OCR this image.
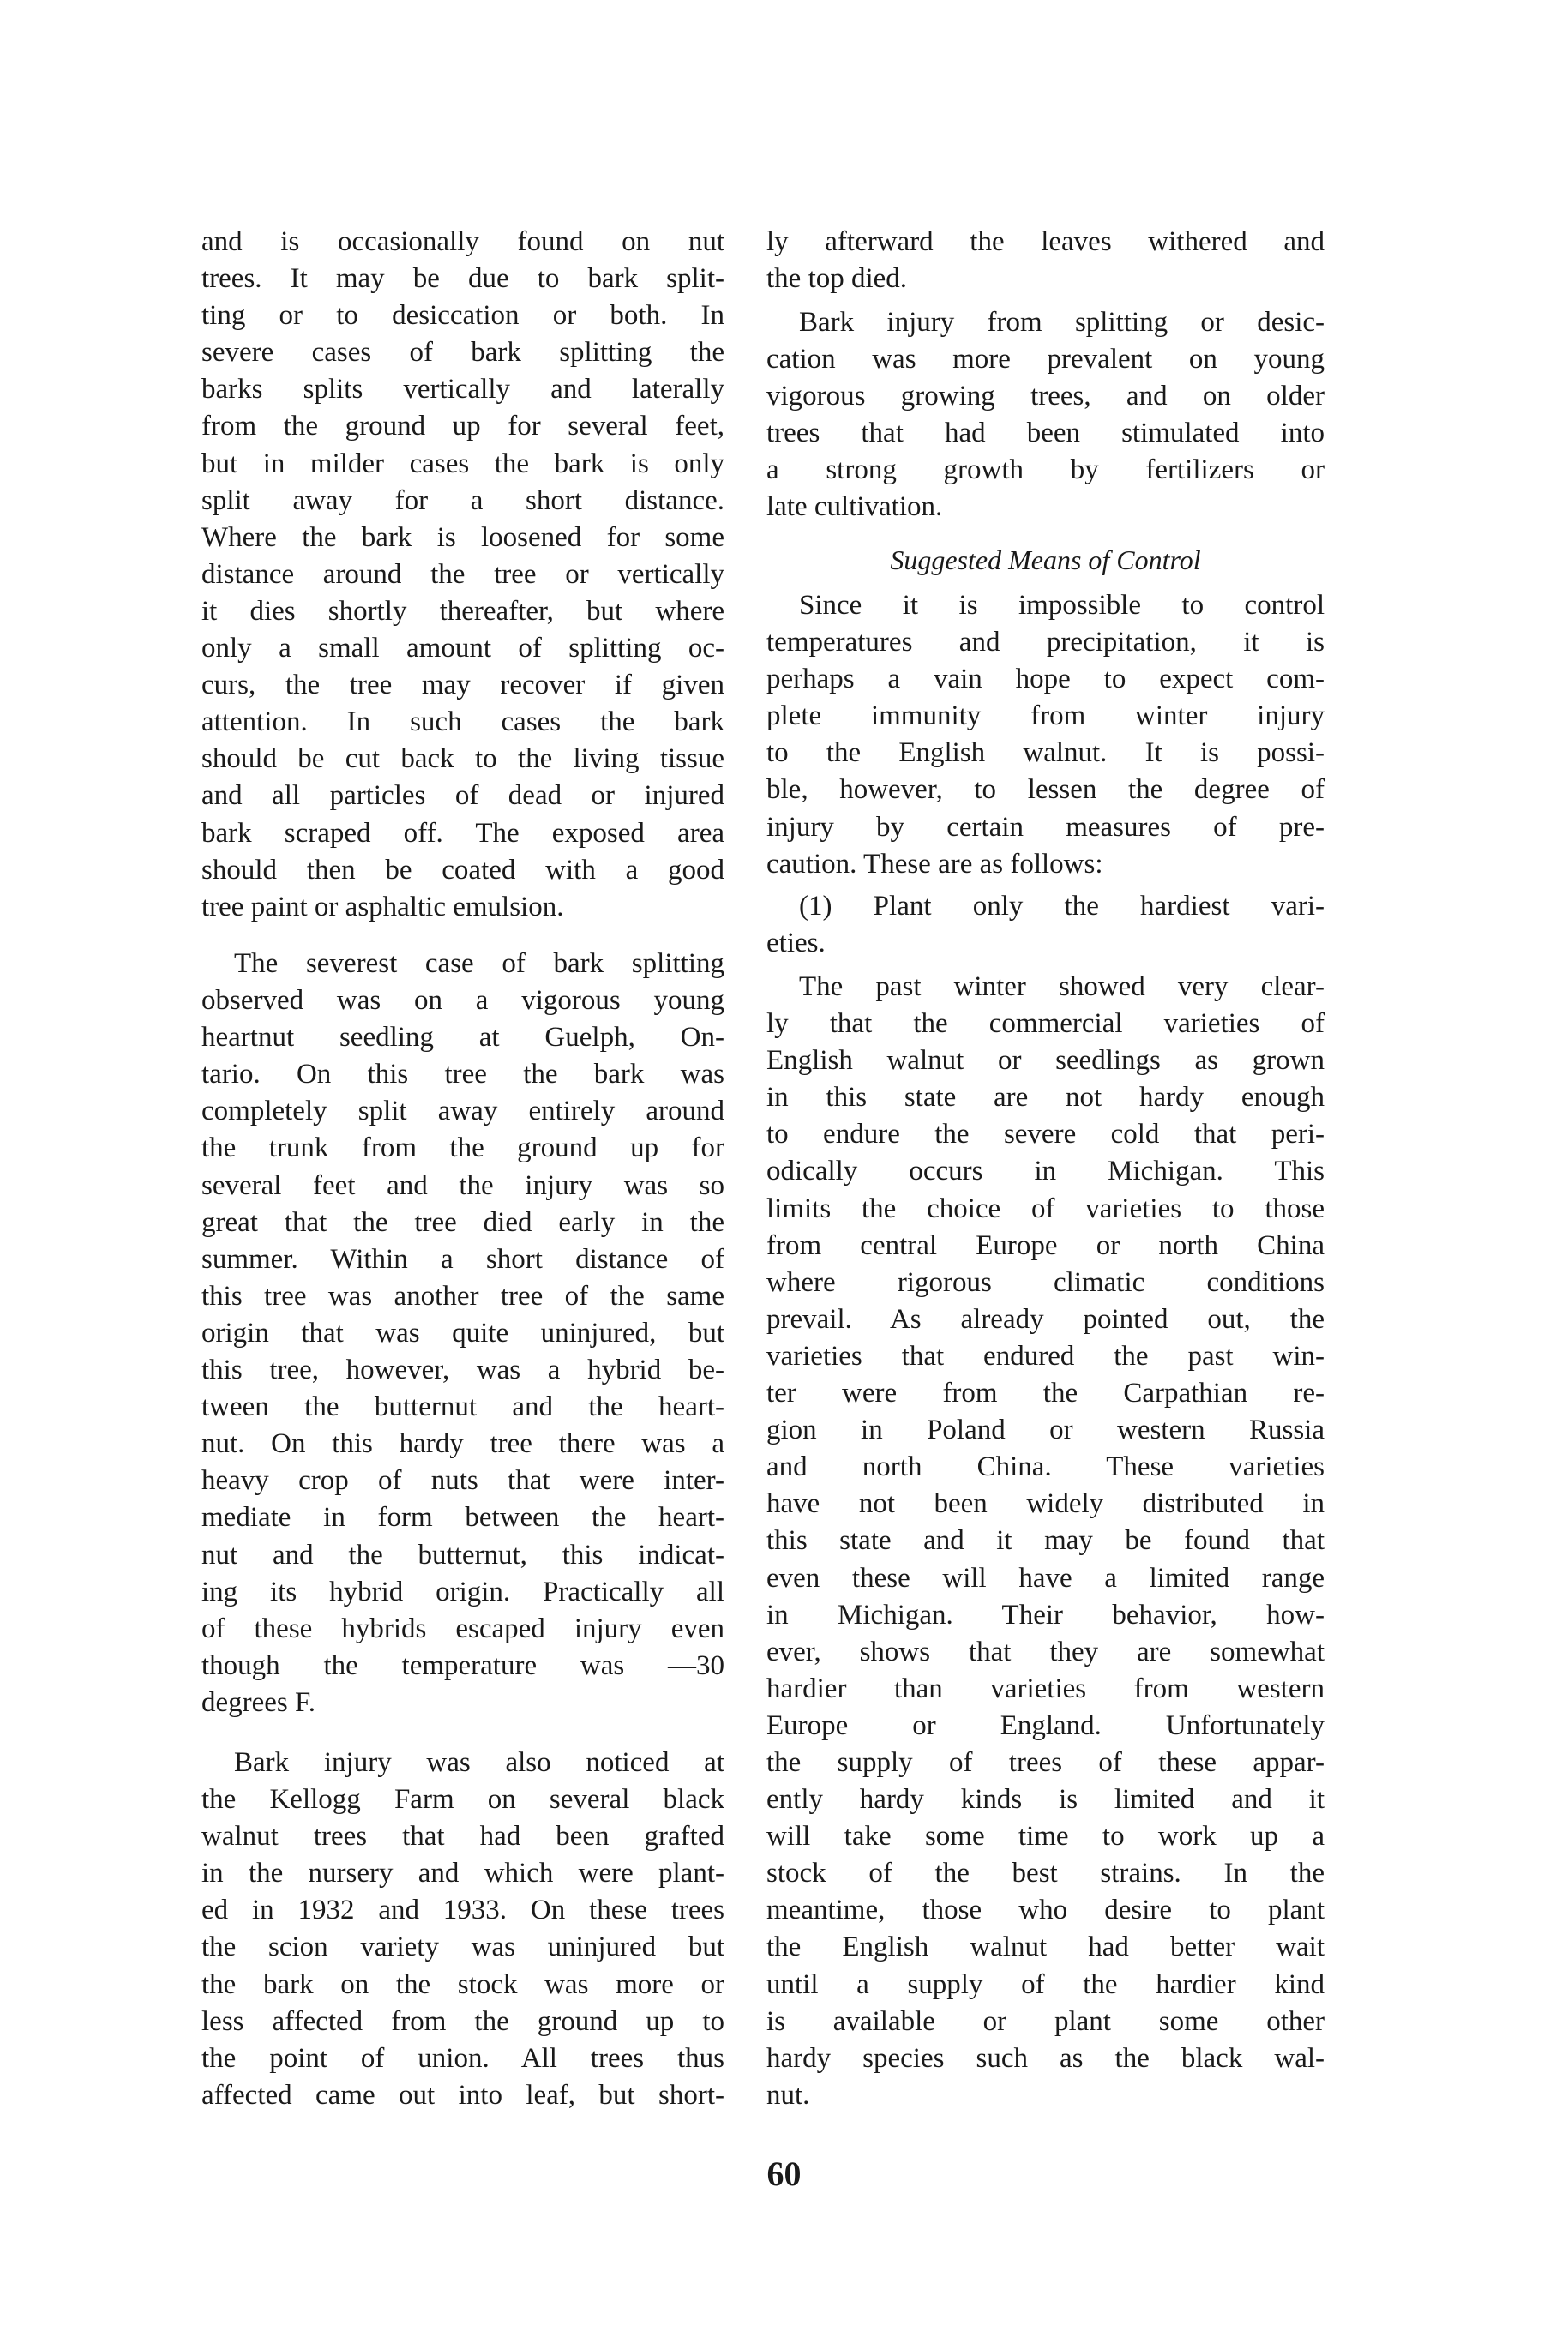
and is occasionally found on nut
trees. It may be due to bark split-
ting or to desiccation or both. In
severe cases of bark splitting the
barks splits vertically and laterally
from the ground up for several feet,
but in milder cases the bark is only
split away for a short distance.
Where the bark is loosened for some
distance around the tree or vertically
it dies shortly thereafter, but where
only a small amount of splitting oc-
curs, the tree may recover if given
attention. In such cases the bark
should be cut back to the living tissue
and all particles of dead or injured
bark scraped off. The exposed area
should then be coated with a good
tree paint or asphaltic emulsion.
The severest case of bark splitting
observed was on a vigorous young
heartnut seedling at Guelph, On-
tario. On this tree the bark was
completely split away entirely around
the trunk from the ground up for
several feet and the injury was so
great that the tree died early in the
summer. Within a short distance of
this tree was another tree of the same
origin that was quite uninjured, but
this tree, however, was a hybrid be-
tween the butternut and the heart-
nut. On this hardy tree there was a
heavy crop of nuts that were inter-
mediate in form between the heart-
nut and the butternut, this indicat-
ing its hybrid origin. Practically all
of these hybrids escaped injury even
though the temperature was —30
degrees F.
Bark injury was also noticed at
the Kellogg Farm on several black
walnut trees that had been grafted
in the nursery and which were plant-
ed in 1932 and 1933. On these trees
the scion variety was uninjured but
the bark on the stock was more or
less affected from the ground up to
the point of union. All trees thus
affected came out into leaf, but short-
ly afterward the leaves withered and
the top died.
Bark injury from splitting or desic-
cation was more prevalent on young
vigorous growing trees, and on older
trees that had been stimulated into
a strong growth by fertilizers or
late cultivation.
Suggested Means of Control
Since it is impossible to control
temperatures and precipitation, it is
perhaps a vain hope to expect com-
plete immunity from winter injury
to the English walnut. It is possi-
ble, however, to lessen the degree of
injury by certain measures of pre-
caution. These are as follows:
(1) Plant only the hardiest vari-
eties.
The past winter showed very clear-
ly that the commercial varieties of
English walnut or seedlings as grown
in this state are not hardy enough
to endure the severe cold that peri-
odically occurs in Michigan. This
limits the choice of varieties to those
from central Europe or north China
where rigorous climatic conditions
prevail. As already pointed out, the
varieties that endured the past win-
ter were from the Carpathian re-
gion in Poland or western Russia
and north China. These varieties
have not been widely distributed in
this state and it may be found that
even these will have a limited range
in Michigan. Their behavior, how-
ever, shows that they are somewhat
hardier than varieties from western
Europe or England. Unfortunately
the supply of trees of these appar-
ently hardy kinds is limited and it
will take some time to work up a
stock of the best strains. In the
meantime, those who desire to plant
the English walnut had better wait
until a supply of the hardier kind
is available or plant some other
hardy species such as the black wal-
nut.
60
